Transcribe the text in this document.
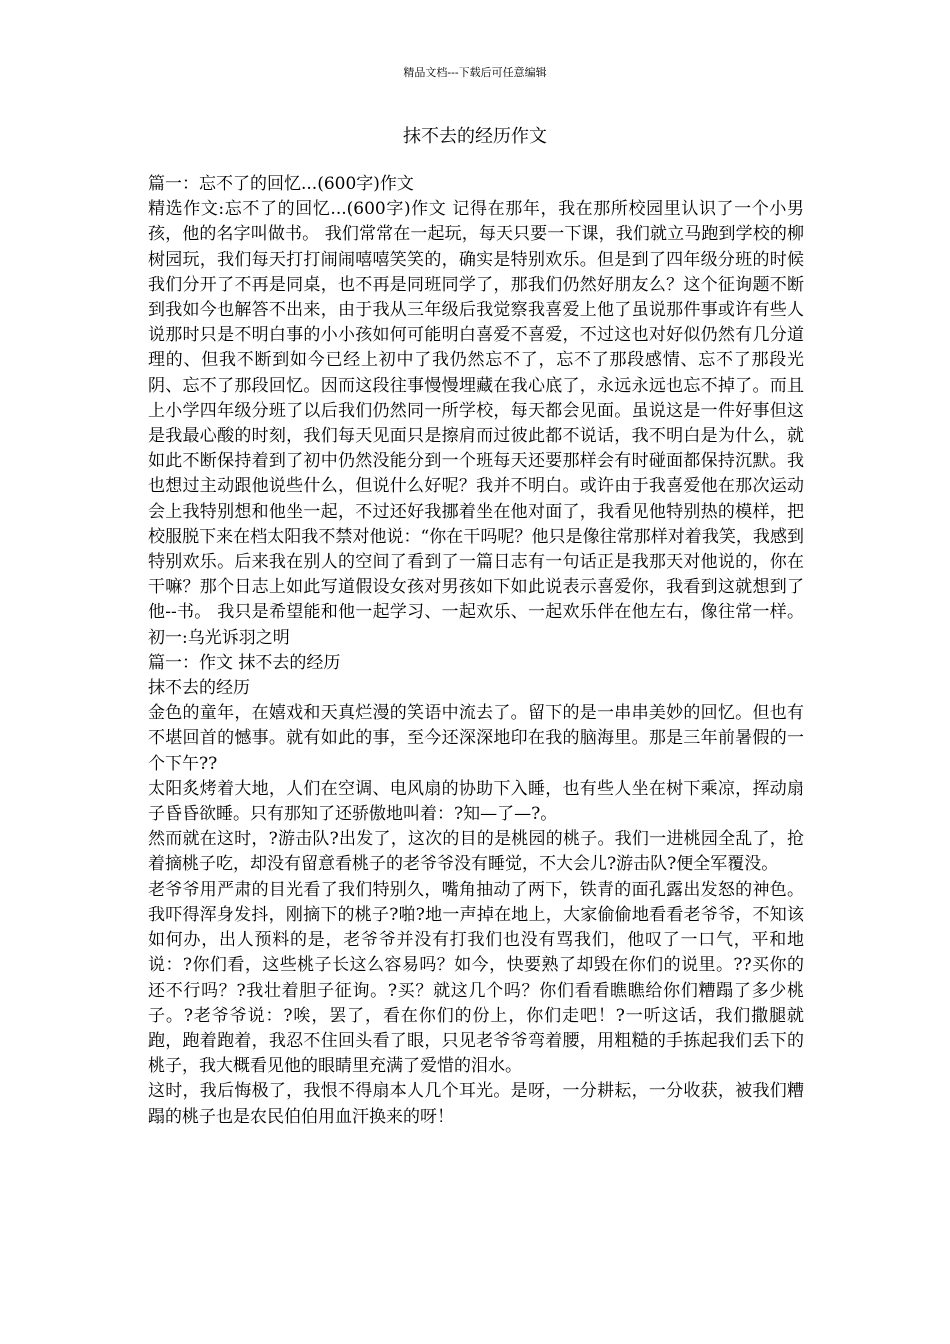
精品文档---下载后可任意编辑
抹不去的经历作文

篇一：忘不了的回忆...(600字)作文

精选作文:忘不了的回忆...(600字)作文 记得在那年，我在那所校园里认识了一个小男孩，他的名字叫做书。 我们常常在一起玩，每天只要一下课，我们就立马跑到学校的柳树园玩，我们每天打打闹闹嘻嘻笑笑的，确实是特别欢乐。但是到了四年级分班的时候我们分开了不再是同桌，也不再是同班同学了，那我们仍然好朋友么？这个征询题不断到我如今也解答不出来，由于我从三年级后我觉察我喜爱上他了虽说那件事或许有些人说那时只是不明白事的小小孩如何可能明白喜爱不喜爱，不过这也对好似仍然有几分道理的、但我不断到如今已经上初中了我仍然忘不了，忘不了那段感情、忘不了那段光阴、忘不了那段回忆。因而这段往事慢慢埋藏在我心底了，永远永远也忘不掉了。而且上小学四年级分班了以后我们仍然同一所学校，每天都会见面。虽说这是一件好事但这是我最心酸的时刻，我们每天见面只是擦肩而过彼此都不说话，我不明白是为什么，就如此不断保持着到了初中仍然没能分到一个班每天还要那样会有时碰面都保持沉默。我也想过主动跟他说些什么，但说什么好呢？我并不明白。或许由于我喜爱他在那次运动会上我特别想和他坐一起，不过还好我挪着坐在他对面了，我看见他特别热的模样，把校服脱下来在档太阳我不禁对他说：“你在干吗呢？他只是像往常那样对着我笑，我感到特别欢乐。后来我在别人的空间了看到了一篇日志有一句话正是我那天对他说的，你在干嘛？那个日志上如此写道假设女孩对男孩如下如此说表示喜爱你，我看到这就想到了他--书。 我只是希望能和他一起学习、一起欢乐、一起欢乐伴在他左右，像往常一样。初一:乌光诉羽之明

篇一：作文 抹不去的经历

抹不去的经历

金色的童年，在嬉戏和天真烂漫的笑语中流去了。留下的是一串串美妙的回忆。但也有不堪回首的憾事。就有如此的事，至今还深深地印在我的脑海里。那是三年前暑假的一个下午??

太阳炙烤着大地，人们在空调、电风扇的协助下入睡，也有些人坐在树下乘凉，挥动扇子昏昏欲睡。只有那知了还骄傲地叫着：?知—了—?。

然而就在这时，?游击队?出发了，这次的目的是桃园的桃子。我们一进桃园全乱了，抢着摘桃子吃，却没有留意看桃子的老爷爷没有睡觉，不大会儿?游击队?便全军覆没。

老爷爷用严肃的目光看了我们特别久，嘴角抽动了两下，铁青的面孔露出发怒的神色。我吓得浑身发抖，刚摘下的桃子?啪?地一声掉在地上，大家偷偷地看看老爷爷，不知该如何办，出人预料的是，老爷爷并没有打我们也没有骂我们，他叹了一口气，平和地说：?你们看，这些桃子长这么容易吗？如今，快要熟了却毁在你们的说里。??买你的还不行吗？?我壮着胆子征询。?买？就这几个吗？你们看看瞧瞧给你们糟蹋了多少桃子。?老爷爷说：?唉，罢了，看在你们的份上，你们走吧！?一听这话，我们撒腿就跑，跑着跑着，我忍不住回头看了眼，只见老爷爷弯着腰，用粗糙的手拣起我们丢下的桃子，我大概看见他的眼睛里充满了爱惜的泪水。

这时，我后悔极了，我恨不得扇本人几个耳光。是呀，一分耕耘，一分收获，被我们糟蹋的桃子也是农民伯伯用血汗换来的呀！
